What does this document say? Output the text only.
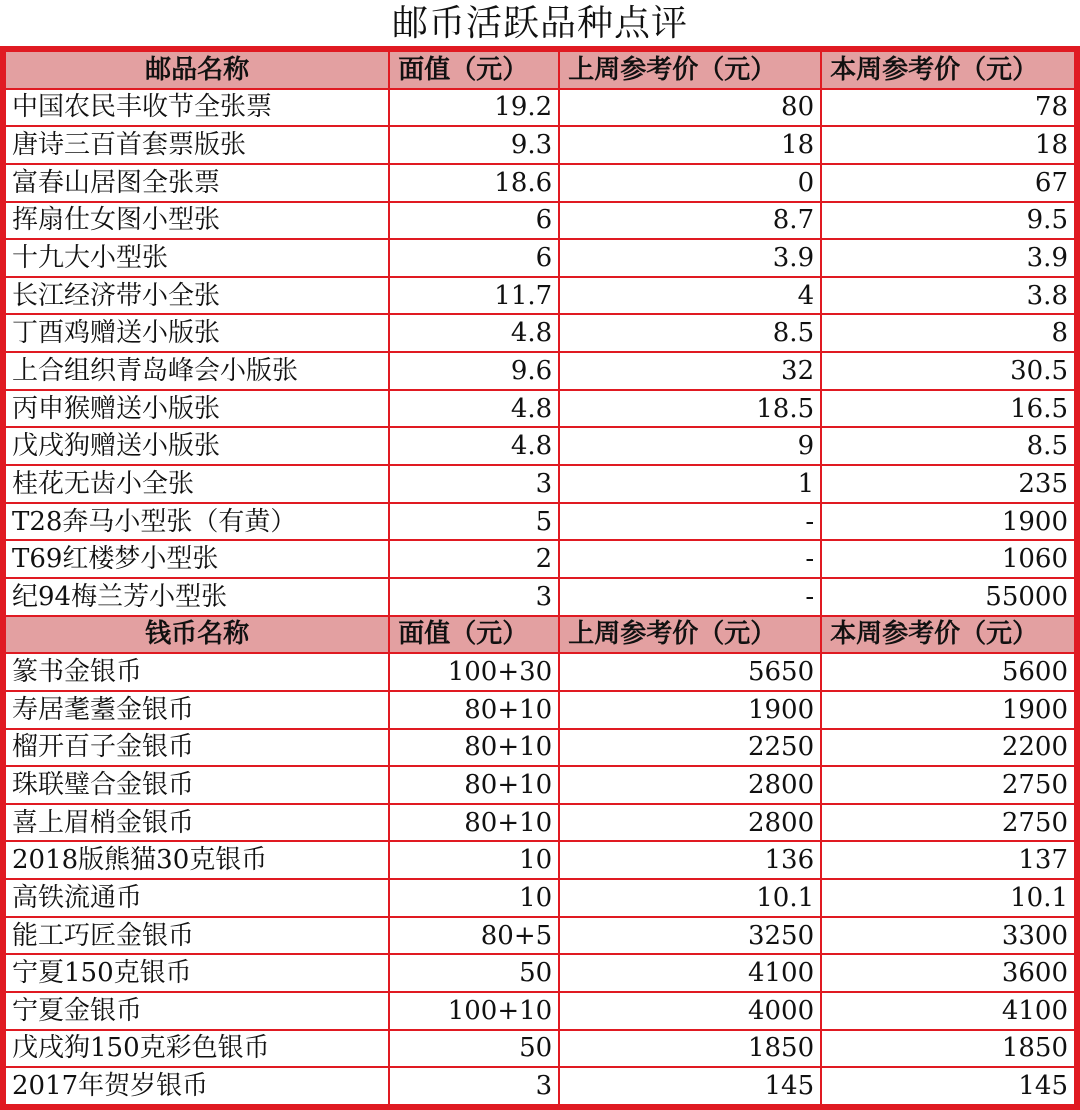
邮币活跃品种点评
邮品名称	面值（元）	上周参考价（元）	本周参考价（元）
中国农民丰收节全张票	19.2	80	78
唐诗三百首套票版张	9.3	18	18
富春山居图全张票	18.6	0	67
挥扇仕女图小型张	6	8.7	9.5
十九大小型张	6	3.9	3.9
长江经济带小全张	11.7	4	3.8
丁酉鸡赠送小版张	4.8	8.5	8
上合组织青岛峰会小版张	9.6	32	30.5
丙申猴赠送小版张	4.8	18.5	16.5
戊戌狗赠送小版张	4.8	9	8.5
桂花无齿小全张	3	1	235
T28奔马小型张（有黄）	5	-	1900
T69红楼梦小型张	2	-	1060
纪94梅兰芳小型张	3	-	55000
钱币名称	面值（元）	上周参考价（元）	本周参考价（元）
篆书金银币	100+30	5650	5600
寿居耄耋金银币	80+10	1900	1900
榴开百子金银币	80+10	2250	2200
珠联璧合金银币	80+10	2800	2750
喜上眉梢金银币	80+10	2800	2750
2018版熊猫30克银币	10	136	137
高铁流通币	10	10.1	10.1
能工巧匠金银币	80+5	3250	3300
宁夏150克银币	50	4100	3600
宁夏金银币	100+10	4000	4100
戊戌狗150克彩色银币	50	1850	1850
2017年贺岁银币	3	145	145
